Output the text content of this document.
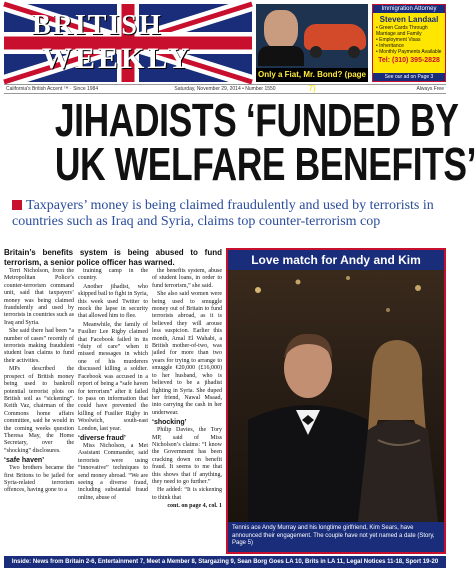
BRITISH
WEEKLY	Only a Fiat, Mr. Bond? (page 7)
Immigration Attorney
Steven Landaal
• Green Cards Through Marriage and Family
• Employment Visas
• Inheritance
• Monthly Payments Available
Tel: (310) 395-2828
See our ad on Page 3
California's British Accent ™ · Since 1984	Saturday, November 29, 2014 • Number 1550	Always Free
JIHADISTS ‘FUNDED BY
UK WELFARE BENEFITS’
Taxpayers’ money is being claimed fraudulently and used by terrorists in countries such as Iraq and Syria, claims top counter-terrorism cop
Britain’s benefits system is being abused to fund terrorism, a senior police officer has warned.

Terri Nicholson, from the Metropolitan Police’s counter-terrorism command unit, said that taxpayers’ money was being claimed fraudulently and used by terrorists in countries such as Iraq and Syria.

She said there had been “a number of cases” recently of terrorists making fraudulent student loan claims to fund their activities.

MPs described the prospect of British money being used to bankroll potential terrorist plots on British soil as “sickening”. Keith Vaz, chairman of the Commons home affairs committee, said he would in the coming weeks question Theresa May, the Home Secretary, over the “shocking” disclosures.

‘safe haven’

Two brothers became the first Britons to be jailed for Syria-related terrorism offences, having gone to a

training camp in the country.

Another jihadist, who skipped bail to fight in Syria, this week used Twitter to mock the lapse in security that allowed him to flee.

Meanwhile, the family of Fusilier Lee Rigby claimed that Facebook failed in its “duty of care” when it missed messages in which one of his murderers discussed killing a soldier. Facebook was accused in a report of being a “safe haven for terrorism” after it failed to pass on information that could have prevented the killing of Fusilier Rigby in Woolwich, south-east London, last year.

‘diverse fraud’

Miss Nicholson, a Met Assistant Commander, said terrorists were using “innovative” techniques to send money abroad. “We are seeing a diverse fraud, including substantial fraud online, abuse of

the benefits system, abuse of student loans, in order to fund terrorism,” she said.

She also said women were being used to smuggle money out of Britain to fund terrorists abroad, as it is believed they will arouse less suspicion. Earlier this month, Amal El Wahabi, a British mother-of-two, was jailed for more than two years for trying to arrange to smuggle €20,000 (£16,000) to her husband, who is believed to be a jihadist fighting in Syria. She duped her friend, Nawal Msaad, into carrying the cash in her underwear.

‘shocking’

Philip Davies, the Tory MP, said of Miss Nicholson’s claims: “I know the Government has been cracking down on benefit fraud. It seems to me that this shows that if anything, they need to go further.”

He added: “It is sickening to think that

cont. on page 4, col. 1

Love match for Andy and Kim
Tennis ace Andy Murray and his longtime girlfriend, Kim Sears, have announced their engagement. The couple have not yet named a date (Story, Page 5)
Inside: News from Britain 2-6, Entertainment 7, Meet a Member 8, Stargazing 9, Sean Borg Goes LA 10, Brits in LA 11, Legal Notices 11-18, Sport 19-20
